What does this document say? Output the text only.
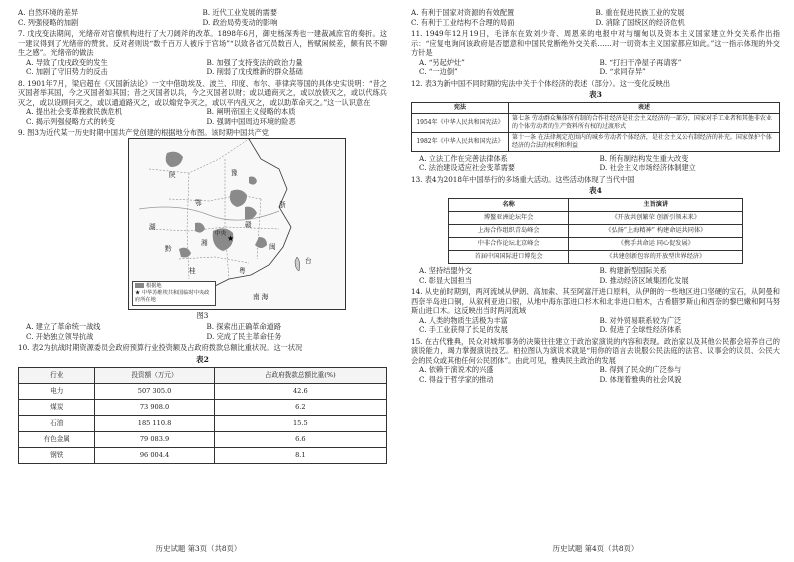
A. 自然环境的差异	B. 近代工业发展的需要
C. 列强侵略的加剧	D. 政治局势变动的影响
7. 戊戌变法期间，光绪帝对官僚机构进行了大刀阔斧的改革。1898年6月，御史杨深秀也一建裁减庶官的奏折。这一建议得到了光绪帝的赞赏。反对者则说“数千百万人被斥于官场”“以致各省冗员数百人，皆赋闲候差，颇有民不聊生之感”。光绪帝的做法
A. 导致了戊戌政变的发生	B. 加强了支持变法的政治力量
C. 加剧了守旧势力的反击	D. 削弱了戊戌维新的群众基础
8. 1901年7月，梁启超在《灭国新法论》一文中借助埃及、波兰、印度、布尔、菲律宾等国的具体史实说明：“昔之灭国者举其国，今之灭国者如其国；昔之灭国者以兵，今之灭国者以财；或以通商灭之，或以放债灭之，或以代练兵灭之，或以设顾问灭之，或以通道路灭之，或以煽党争灭之，或以平内乱灭之，或以助革命灭之。”这一认识意在
A. 提出社会变革挽救民族危机	B. 阐明帝国主义侵略的本质
C. 揭示列强侵略方式的转变	D. 强调中国周边环境的险恶
9. 图3为近代某一历史时期中国共产党创建的根据地分布图。该时期中国共产党
★
陕	豫
鄂
湖
湘
赣
浙
闽
粤
黔
桂
台
南 海
中央
根据地
★ 中华苏维埃共和国临时中央政府所在地
图3
A. 建立了革命统一战线	B. 探索出正确革命道路
C. 开始独立领导抗战	D. 完成了民主革命任务
10. 表2为抗战时期资源委员会政府预算行业投资额及占政府拨款总额比重状况。这一状况
表2
行业	投资额（万元）	占政府拨款总额比重(%)
电力	507 305.0	42.6
煤炭	73 908.0	6.2
石油	185 110.8	15.5
有色金属	79 083.9	6.6
钢铁	96 004.4	8.1
历史试题 第3页（共8页）
A. 有利于国家对资源的有效配置	B. 重在促进民族工业的发展
C. 有利于工业结构不合理的局面	D. 消除了国统区的经济危机
11. 1949年12月19日，毛泽东在致刘少奇、周恩来的电报中对与缅甸以及资本主义国家建立外交关系作出指示：“应复电询问该政府是否愿意和中国民党断绝外交关系……对一切资本主义国家都应如此。”这一指示体现的外交方针是
A. “另起炉灶”	B. “打扫干净屋子再请客”
C. “一边倒”	D. “求同存异”
12. 表3为新中国不同时期的宪法中关于个体经济的表述（部分）。这一变化反映出
表3
宪法	表述
1954年《中华人民共和国宪法》	第七条 劳动群众集体所有制的合作社经济是社会主义经济的一部分，国家对手工业者和其他非农业的个体劳动者的生产资料所有权的过渡形式
1982年《中华人民共和国宪法》	第十一条 在法律规定范围内的城乡劳动者个体经济，是社会主义公有制经济的补充。国家保护个体经济的合法的权利和利益
A. 立法工作在完善法律体系	B. 所有制结构发生重大改变
C. 法治建设适应社会变革需要	D. 社会主义市场经济体制建立
13. 表4为2018年中国举行的多场重大活动。这些活动体现了当代中国
表4
名称	主旨演讲
博鳌亚洲论坛年会	《开放共创繁荣 创新引领未来》
上海合作组织青岛峰会	《弘扬“上海精神” 构建命运共同体》
中非合作论坛北京峰会	《携手共命运 同心促发展》
首届中国国际进口博览会	《共建创新包容的开放型世界经济》
A. 坚持结盟外交	B. 构建新型国际关系
C. 彰显大国担当	D. 推动经济区域集团化发展
14. 从史前时期到，两河流域从伊朗、高加索、其至阿富汗进口原料，从伊朗的一些地区进口坚硬的宝石，从阿曼和西奈半岛进口铜，从叙利亚进口银，从地中海东部进口杉木和北非进口柏木，古希腊罗斯山和西奈的黎巴嫩和阿马努斯山进口木。这反映出当时两河流域
A. 人类的物质生活极为丰富	B. 对外贸易联系较为广泛
C. 手工业获得了长足的发展	D. 促进了全球性经济体系
15. 在古代雅典，民众对城邦事务的决策往往建立于政治家演说的内容和表现。政治家以及其他公民都会培养自己的演说能力，竭力掌握演说技艺。柏拉图认为演说术就是“用你的语言去说服公民法庭的法官、议事会的议员、公民大会的民众或其他任何公民团体”。由此可见，雅典民主政治的发展
A. 依赖于演说术的兴盛	B. 得到了民众的广泛参与
C. 得益于哲学家的推动	D. 体现着雅典的社会风貌
历史试题 第4页（共8页）
